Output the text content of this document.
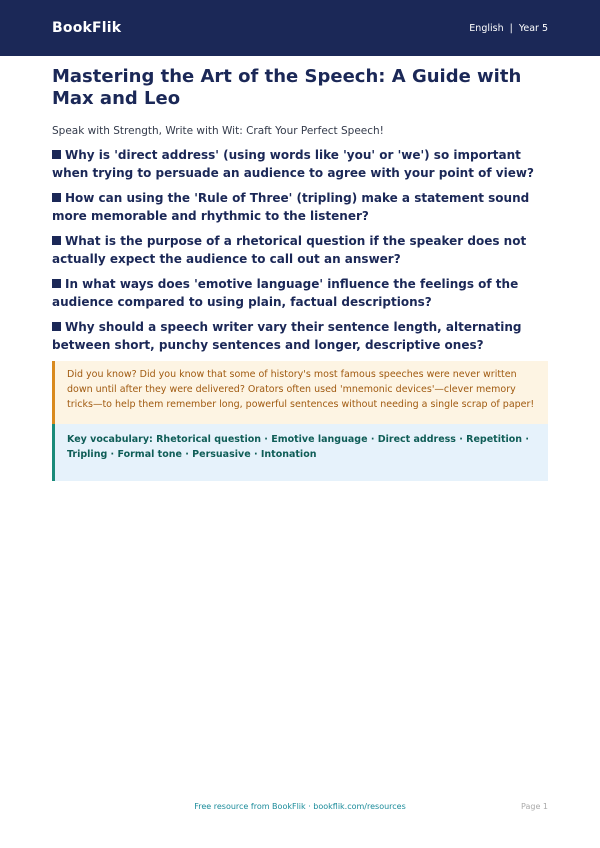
BookFlik	English | Year 5
Mastering the Art of the Speech: A Guide with Max and Leo

Speak with Strength, Write with Wit: Craft Your Perfect Speech!

Why is 'direct address' (using words like 'you' or 'we') so important when trying to persuade an audience to agree with your point of view?
How can using the 'Rule of Three' (tripling) make a statement sound more memorable and rhythmic to the listener?
What is the purpose of a rhetorical question if the speaker does not actually expect the audience to call out an answer?
In what ways does 'emotive language' influence the feelings of the audience compared to using plain, factual descriptions?
Why should a speech writer vary their sentence length, alternating between short, punchy sentences and longer, descriptive ones?
Did you know? Did you know that some of history's most famous speeches were never written down until after they were delivered? Orators often used 'mnemonic devices'—clever memory tricks—to help them remember long, powerful sentences without needing a single scrap of paper!
Key vocabulary: Rhetorical question · Emotive language · Direct address · Repetition · Tripling · Formal tone · Persuasive · Intonation
Free resource from BookFlik · bookflik.com/resources	Page 1
